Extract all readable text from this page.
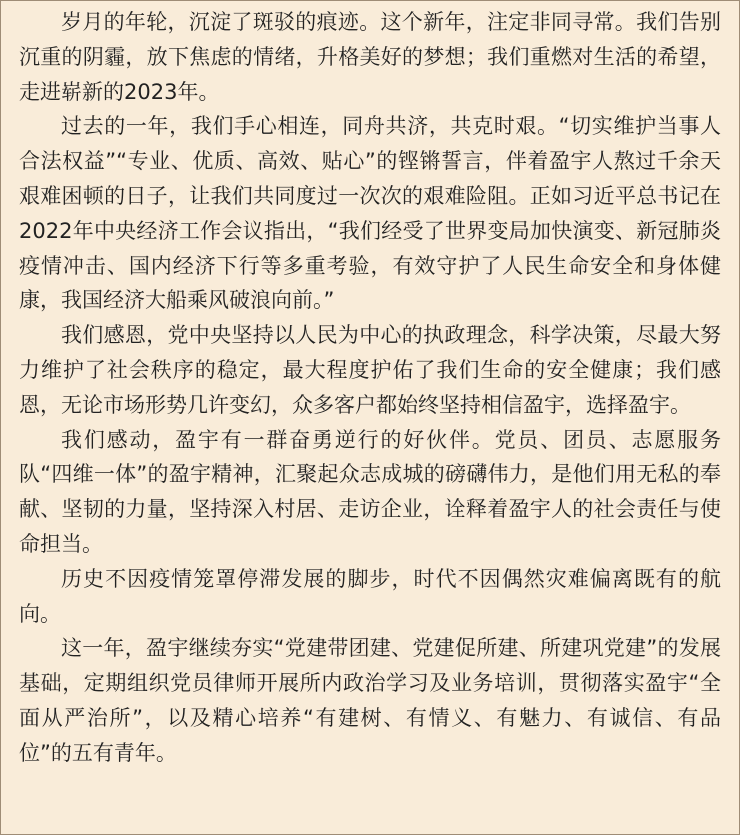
岁月的年轮，沉淀了斑驳的痕迹。这个新年，注定非同寻常。我们告别沉重的阴霾，放下焦虑的情绪，升格美好的梦想；我们重燃对生活的希望，走进崭新的2023年。

过去的一年，我们手心相连，同舟共济，共克时艰。“切实维护当事人合法权益”“专业、优质、高效、贴心”的铿锵誓言，伴着盈宇人熬过千余天艰难困顿的日子，让我们共同度过一次次的艰难险阻。正如习近平总书记在2022年中央经济工作会议指出，“我们经受了世界变局加快演变、新冠肺炎疫情冲击、国内经济下行等多重考验，有效守护了人民生命安全和身体健康，我国经济大船乘风破浪向前。”

我们感恩，党中央坚持以人民为中心的执政理念，科学决策，尽最大努力维护了社会秩序的稳定，最大程度护佑了我们生命的安全健康；我们感恩，无论市场形势几许变幻，众多客户都始终坚持相信盈宇，选择盈宇。

我们感动，盈宇有一群奋勇逆行的好伙伴。党员、团员、志愿服务队“四维一体”的盈宇精神，汇聚起众志成城的磅礴伟力，是他们用无私的奉献、坚韧的力量，坚持深入村居、走访企业，诠释着盈宇人的社会责任与使命担当。

历史不因疫情笼罩停滞发展的脚步，时代不因偶然灾难偏离既有的航向。

这一年，盈宇继续夯实“党建带团建、党建促所建、所建巩党建”的发展基础，定期组织党员律师开展所内政治学习及业务培训，贯彻落实盈宇“全面从严治所”，以及精心培养“有建树、有情义、有魅力、有诚信、有品位”的五有青年。
